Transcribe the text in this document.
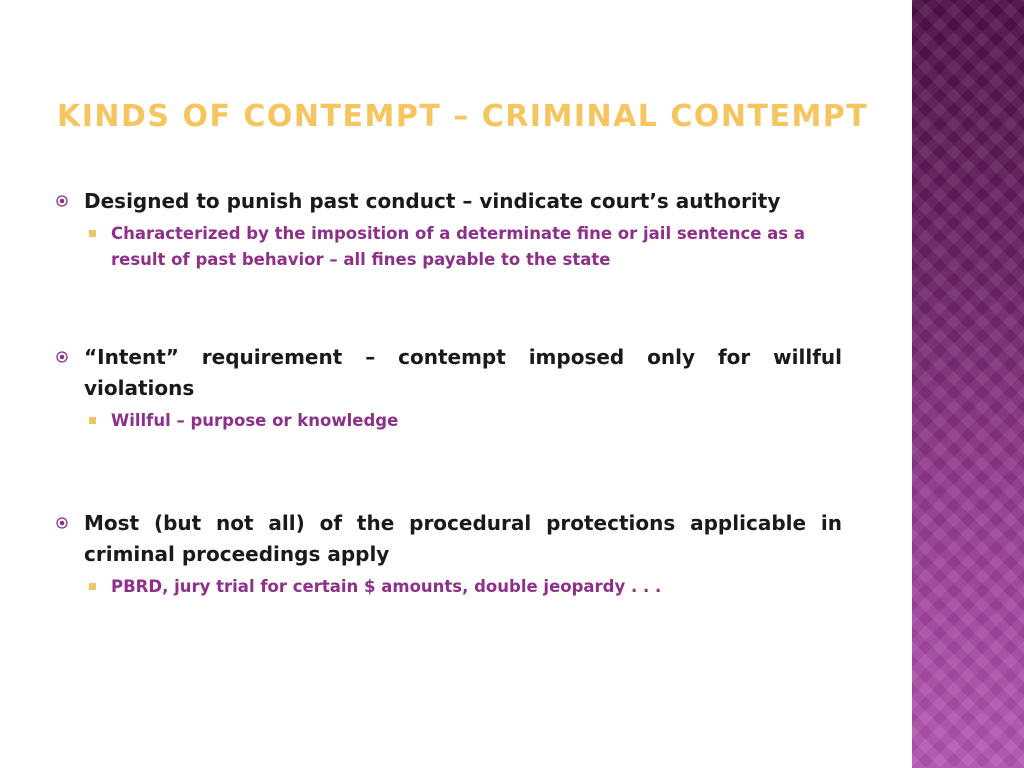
KINDS OF CONTEMPT – CRIMINAL CONTEMPT
Designed to punish past conduct – vindicate court’s authority
Characterized by the imposition of a determinate fine or jail sentence as a result of past behavior – all fines payable to the state
“Intent” requirement – contempt imposed only for willful violations
Willful – purpose or knowledge
Most (but not all) of the procedural protections applicable in criminal proceedings apply
PBRD, jury trial for certain $ amounts, double jeopardy . . .
